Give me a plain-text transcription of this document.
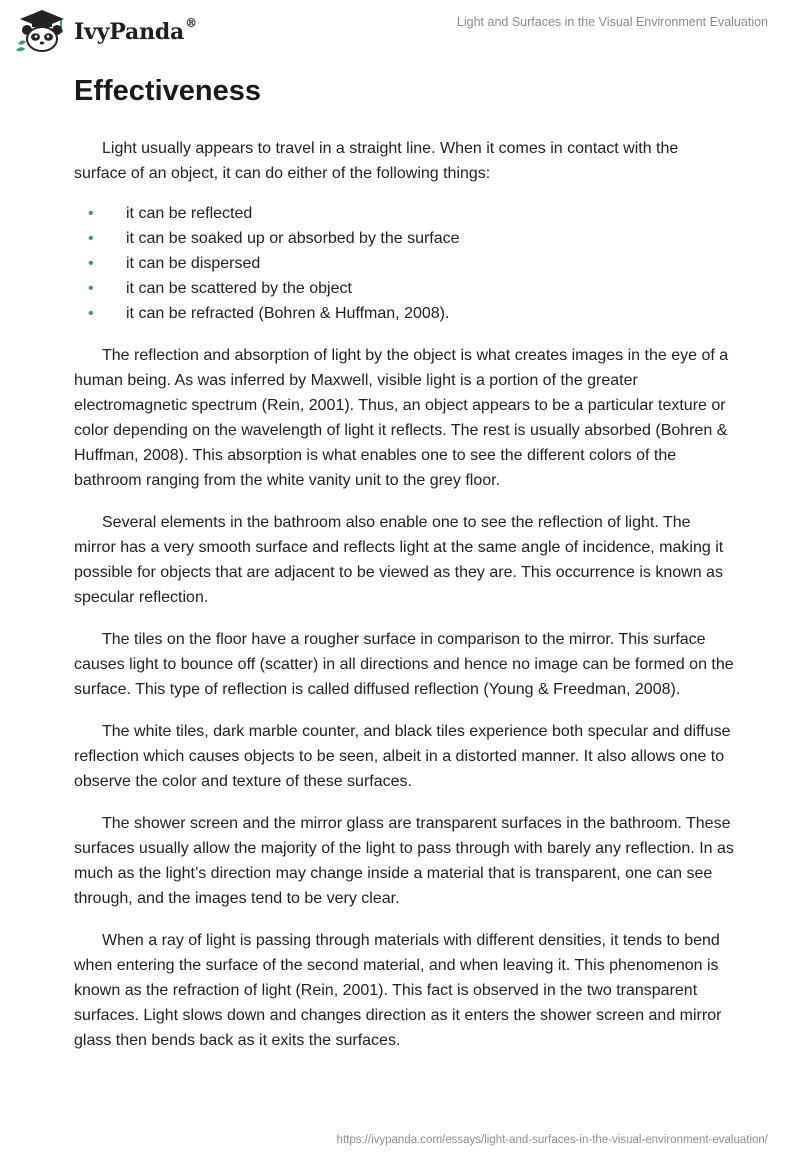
IvyPanda®	Light and Surfaces in the Visual Environment Evaluation
Effectiveness

Light usually appears to travel in a straight line. When it comes in contact with the surface of an object, it can do either of the following things:

• it can be reflected
• it can be soaked up or absorbed by the surface
• it can be dispersed
• it can be scattered by the object
• it can be refracted (Bohren & Huffman, 2008).

The reflection and absorption of light by the object is what creates images in the eye of a human being. As was inferred by Maxwell, visible light is a portion of the greater electromagnetic spectrum (Rein, 2001). Thus, an object appears to be a particular texture or color depending on the wavelength of light it reflects. The rest is usually absorbed (Bohren & Huffman, 2008). This absorption is what enables one to see the different colors of the bathroom ranging from the white vanity unit to the grey floor.

Several elements in the bathroom also enable one to see the reflection of light. The mirror has a very smooth surface and reflects light at the same angle of incidence, making it possible for objects that are adjacent to be viewed as they are. This occurrence is known as specular reflection.

The tiles on the floor have a rougher surface in comparison to the mirror. This surface causes light to bounce off (scatter) in all directions and hence no image can be formed on the surface. This type of reflection is called diffused reflection (Young & Freedman, 2008).

The white tiles, dark marble counter, and black tiles experience both specular and diffuse reflection which causes objects to be seen, albeit in a distorted manner. It also allows one to observe the color and texture of these surfaces.

The shower screen and the mirror glass are transparent surfaces in the bathroom. These surfaces usually allow the majority of the light to pass through with barely any reflection. In as much as the light’s direction may change inside a material that is transparent, one can see through, and the images tend to be very clear.

When a ray of light is passing through materials with different densities, it tends to bend when entering the surface of the second material, and when leaving it. This phenomenon is known as the refraction of light (Rein, 2001). This fact is observed in the two transparent surfaces. Light slows down and changes direction as it enters the shower screen and mirror glass then bends back as it exits the surfaces.

https://ivypanda.com/essays/light-and-surfaces-in-the-visual-environment-evaluation/
